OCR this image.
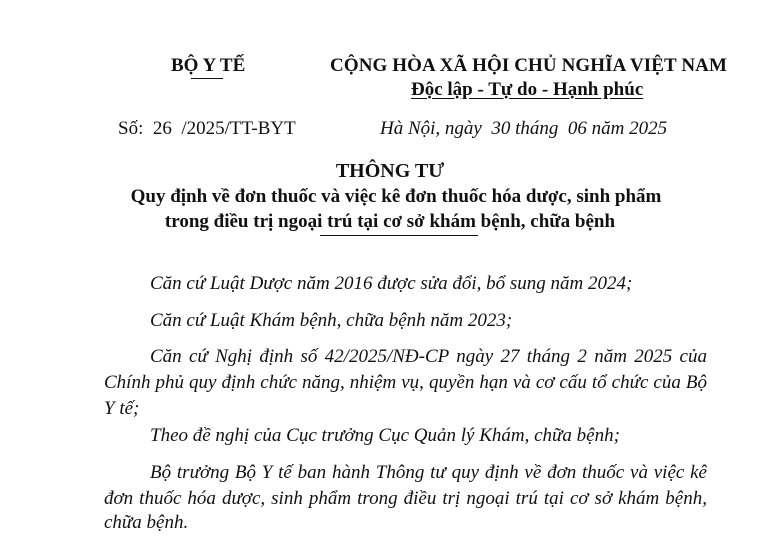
BỘ Y TẾ	CỘNG HÒA XÃ HỘI CHỦ NGHĨA VIỆT NAM
Độc lập - Tự do - Hạnh phúc
Số: 26 /2025/TT-BYT	Hà Nội, ngày 30 tháng 06 năm 2025
THÔNG TƯ
Quy định về đơn thuốc và việc kê đơn thuốc hóa dược, sinh phẩm
trong điều trị ngoại trú tại cơ sở khám bệnh, chữa bệnh
Căn cứ Luật Dược năm 2016 được sửa đổi, bổ sung năm 2024;
Căn cứ Luật Khám bệnh, chữa bệnh năm 2023;
Căn cứ Nghị định số 42/2025/NĐ-CP ngày 27 tháng 2 năm 2025 của
Chính phủ quy định chức năng, nhiệm vụ, quyền hạn và cơ cấu tổ chức của Bộ
Y tế;
Theo đề nghị của Cục trưởng Cục Quản lý Khám, chữa bệnh;
Bộ trưởng Bộ Y tế ban hành Thông tư quy định về đơn thuốc và việc kê
đơn thuốc hóa dược, sinh phẩm trong điều trị ngoại trú tại cơ sở khám bệnh,
chữa bệnh.
